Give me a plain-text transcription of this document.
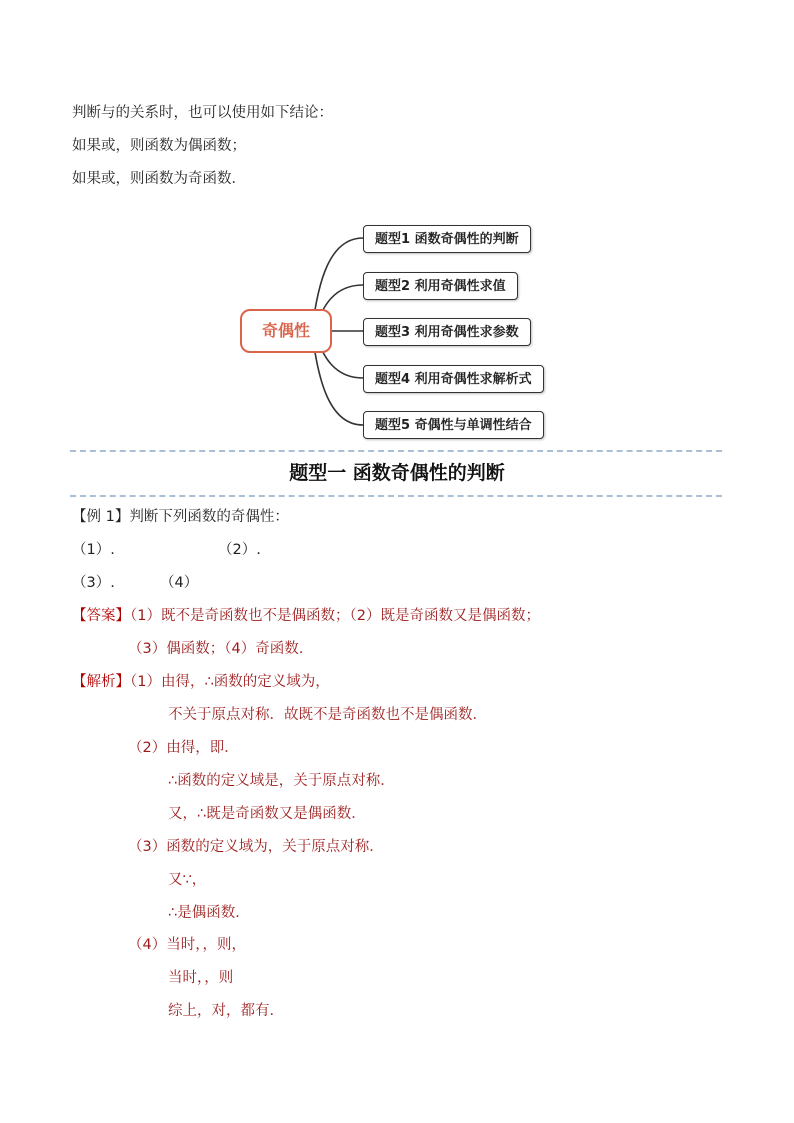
判断与的关系时，也可以使用如下结论：
如果或，则函数为偶函数；
如果或，则函数为奇函数．
奇偶性
题型1 函数奇偶性的判断
题型2 利用奇偶性求值
题型3 利用奇偶性求参数
题型4 利用奇偶性求解析式
题型5 奇偶性与单调性结合
题型一 函数奇偶性的判断
【例 1】判断下列函数的奇偶性：
（1）.	（2）.
（3）.	（4）
【答案】（1）既不是奇函数也不是偶函数；（2）既是奇函数又是偶函数；
（3）偶函数；（4）奇函数.
【解析】（1）由得，∴函数的定义域为，
不关于原点对称．故既不是奇函数也不是偶函数．
（2）由得，即．
∴函数的定义域是，关于原点对称．
又，∴既是奇函数又是偶函数．
（3）函数的定义域为，关于原点对称．
又∵，
∴是偶函数．
（4）当时，，则，
当时，，则
综上，对，都有．
